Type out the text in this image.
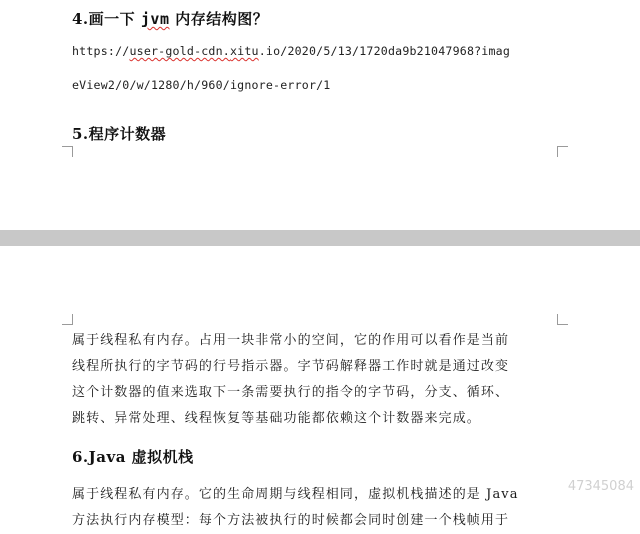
4.画一下 jvm 内存结构图？
https://user-gold-cdn.xitu.io/2020/5/13/1720da9b21047968?imag
eView2/0/w/1280/h/960/ignore-error/1
5.程序计数器
属于线程私有内存。占用一块非常小的空间，它的作用可以看作是当前
线程所执行的字节码的行号指示器。字节码解释器工作时就是通过改变
这个计数器的值来选取下一条需要执行的指令的字节码，分支、循环、
跳转、异常处理、线程恢复等基础功能都依赖这个计数器来完成。
6.Java 虚拟机栈
属于线程私有内存。它的生命周期与线程相同，虚拟机栈描述的是 Java
方法执行内存模型：每个方法被执行的时候都会同时创建一个栈帧用于
47345084
